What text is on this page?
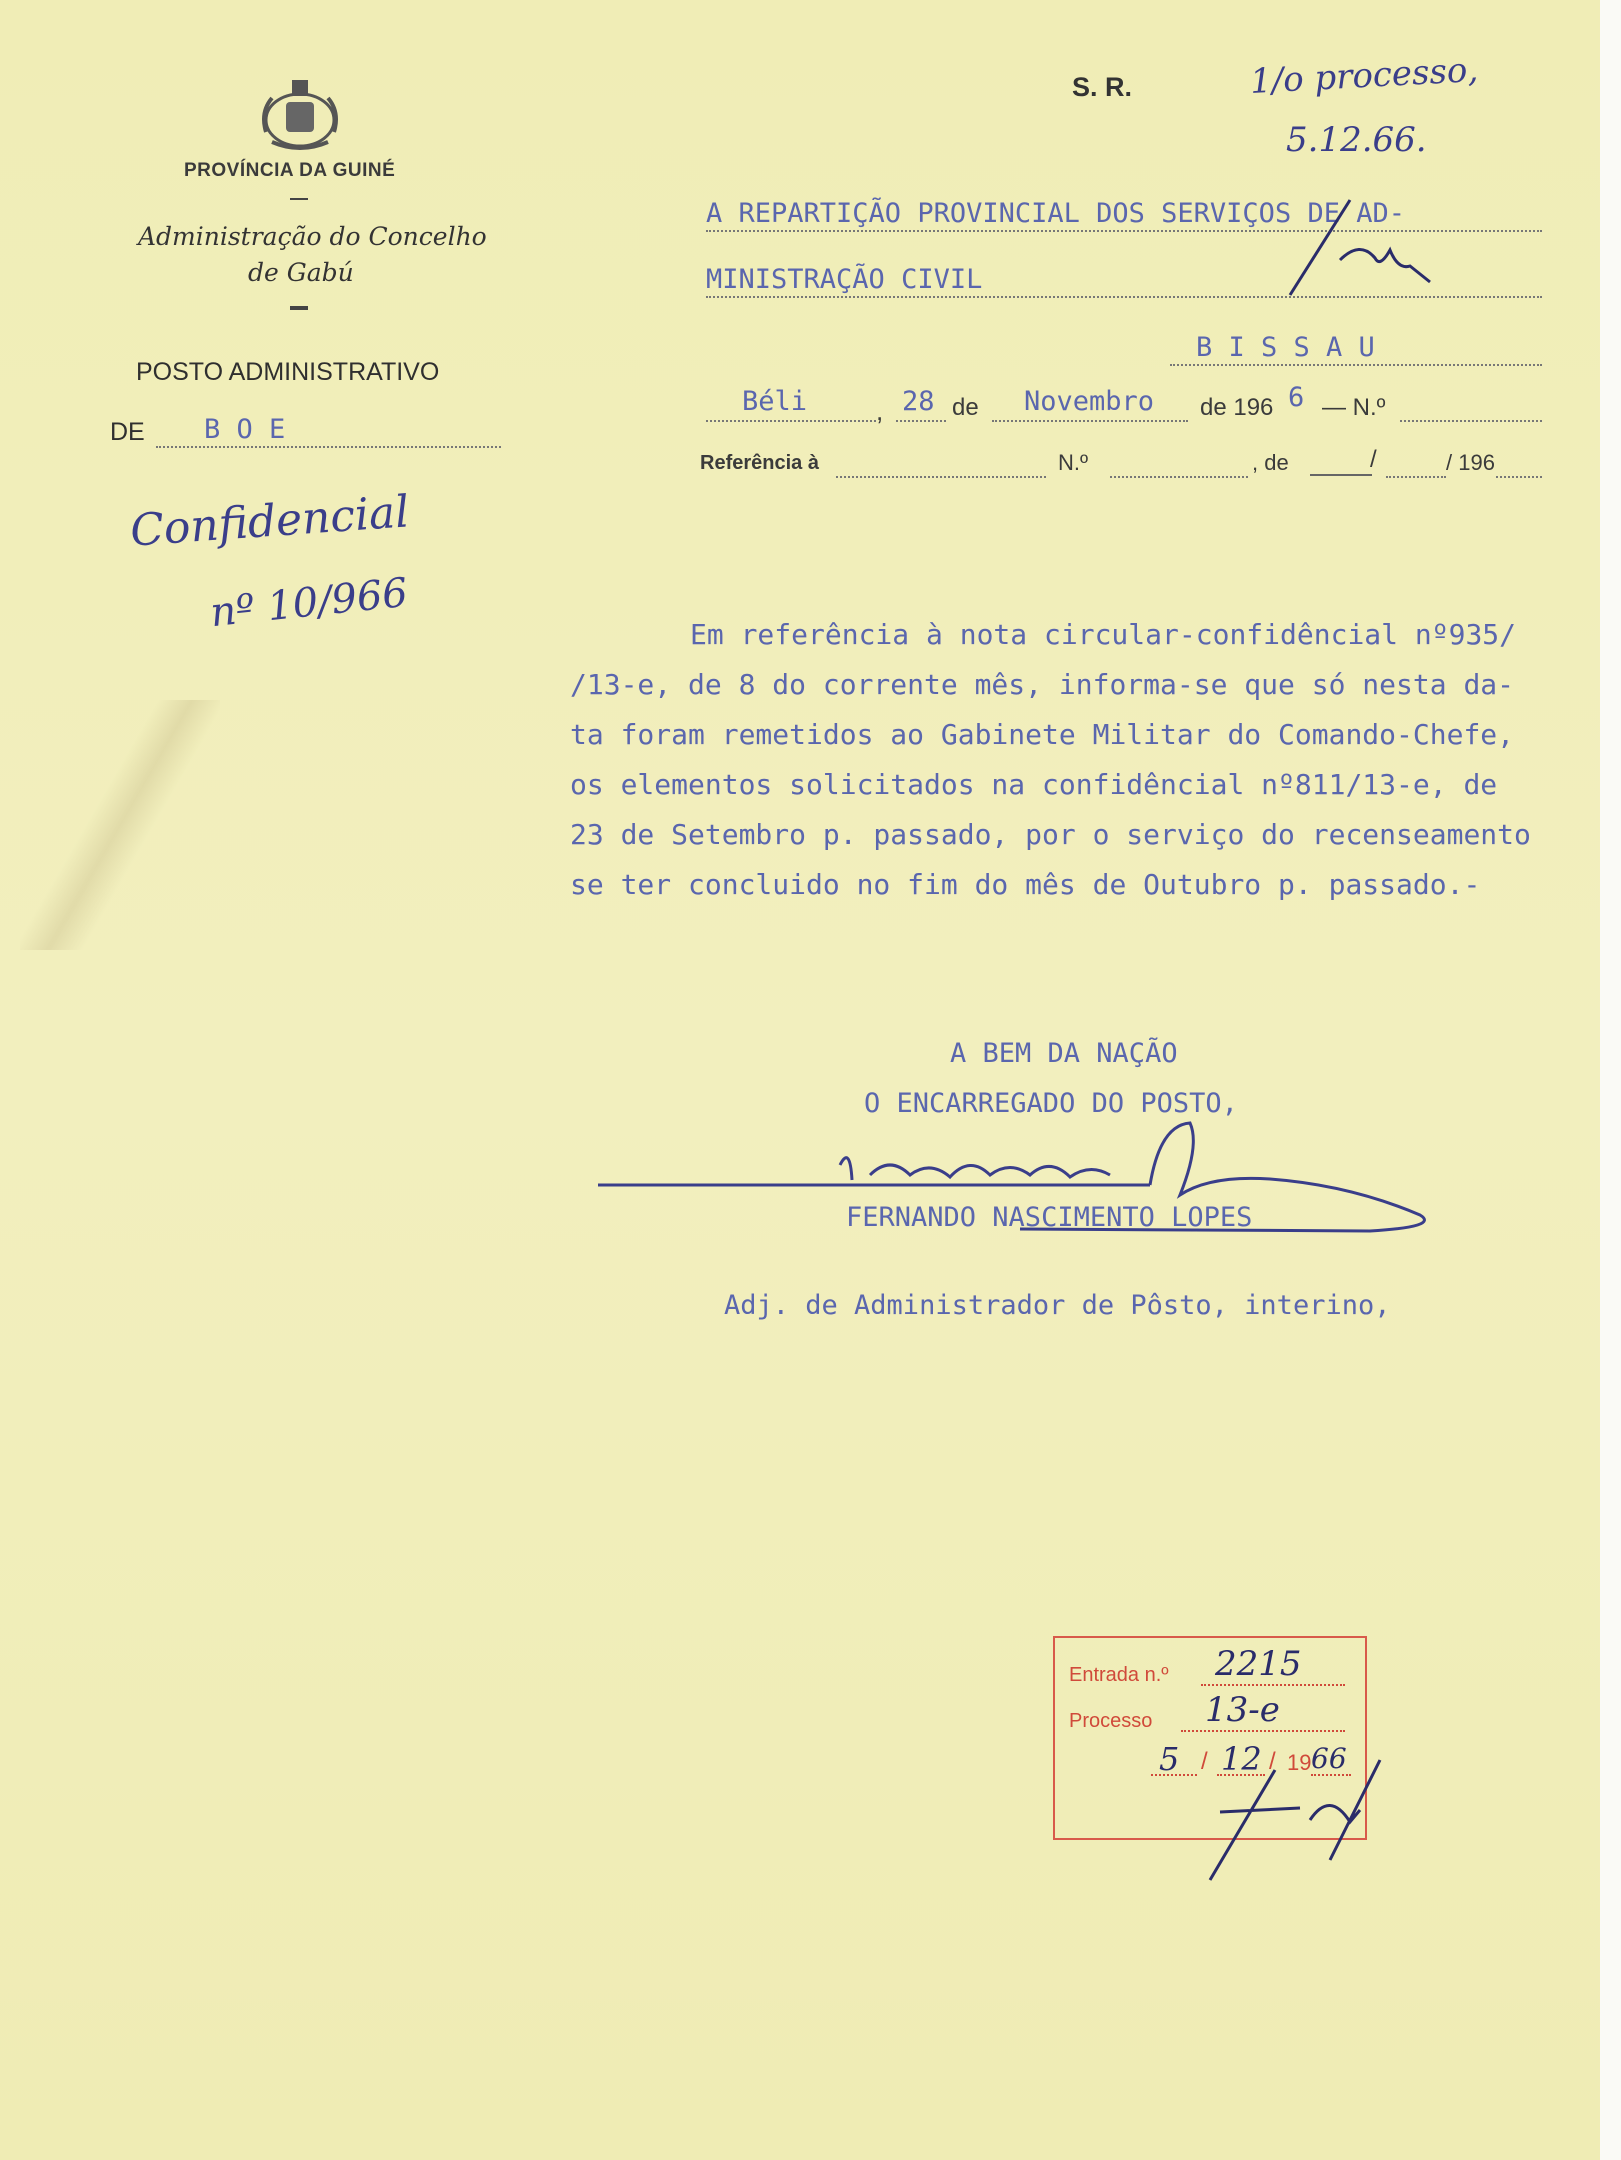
PROVÍNCIA DA GUINÉ
Administração do Concelho
de Gabú
POSTO ADMINISTRATIVO
DE B O E
Confidencial
nº 10/966
S. R.	1/o processo,
5.12.66.
A REPARTIÇÃO PROVINCIAL DOS SERVIÇOS DE AD-
MINISTRAÇÃO CIVIL
B I S S A U
Béli	, 28 de Novembro de 196 6 — N.º
Referência à	N.º	, de	/	/ 196
Em referência à nota circular-confidêncial nº935/
/13-e, de 8 do corrente mês, informa-se que só nesta da-
ta foram remetidos ao Gabinete Militar do Comando-Chefe,
os elementos solicitados na confidêncial nº811/13-e, de
23 de Setembro p. passado, por o serviço do recenseamento
se ter concluido no fim do mês de Outubro p. passado.-
A BEM DA NAÇÃO
O ENCARREGADO DO POSTO,
FERNANDO NASCIMENTO LOPES
Adj. de Administrador de Pôsto, interino,
Entrada n.º 2215
Processo 13-e
5 / 12 / 19 66
